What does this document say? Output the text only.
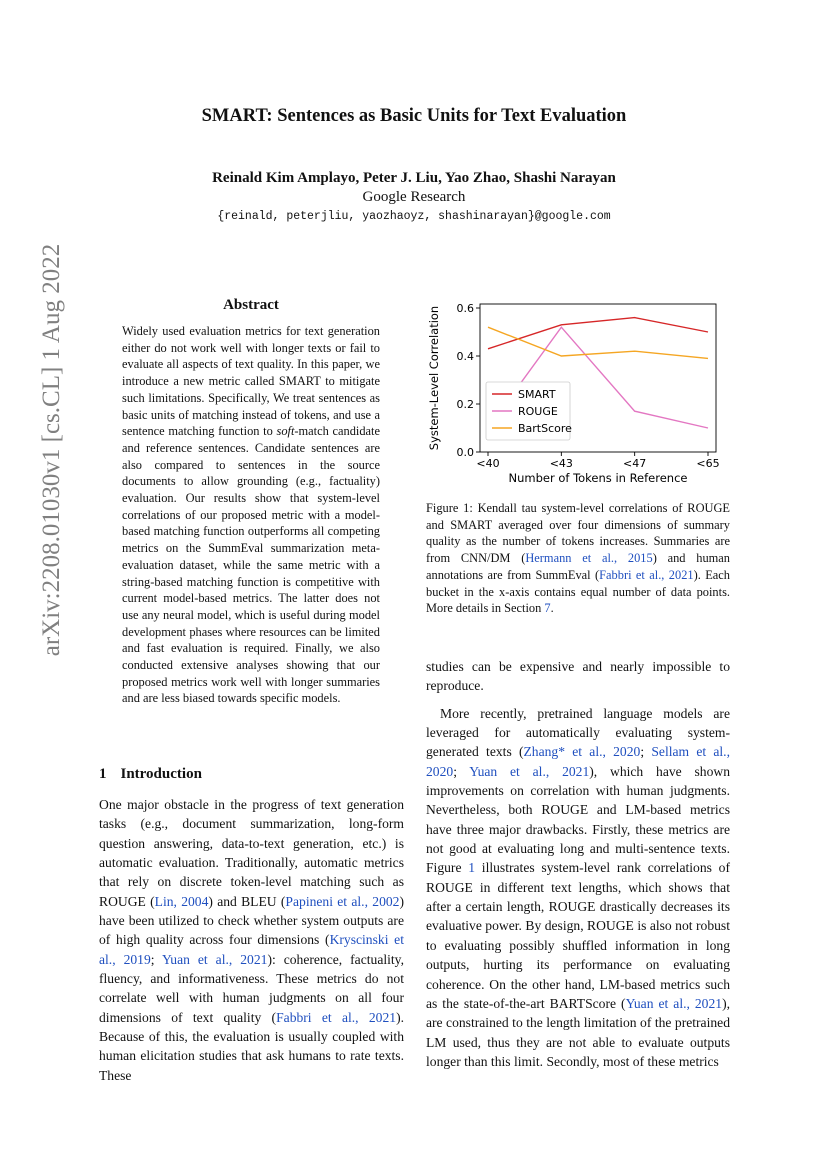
SMART: Sentences as Basic Units for Text Evaluation
Reinald Kim Amplayo, Peter J. Liu, Yao Zhao, Shashi Narayan
Google Research
{reinald, peterjliu, yaozhaoyz, shashinarayan}@google.com
arXiv:2208.01030v1 [cs.CL] 1 Aug 2022	Abstract
Widely used evaluation metrics for text generation either do not work well with longer texts or fail to evaluate all aspects of text quality. In this paper, we introduce a new metric called SMART to mitigate such limitations. Specifically, We treat sentences as basic units of matching instead of tokens, and use a sentence matching function to soft-match candidate and reference sentences. Candidate sentences are also compared to sentences in the source documents to allow grounding (e.g., factuality) evaluation. Our results show that system-level correlations of our proposed metric with a model-based matching function outperforms all competing metrics on the SummEval summarization meta-evaluation dataset, while the same metric with a string-based matching function is competitive with current model-based metrics. The latter does not use any neural model, which is useful during model development phases where resources can be limited and fast evaluation is required. Finally, we also conducted extensive analyses showing that our proposed metrics work well with longer summaries and are less biased towards specific models.
1 Introduction
One major obstacle in the progress of text generation tasks (e.g., document summarization, long-form question answering, data-to-text generation, etc.) is automatic evaluation. Traditionally, automatic metrics that rely on discrete token-level matching such as ROUGE (Lin, 2004) and BLEU (Papineni et al., 2002) have been utilized to check whether system outputs are of high quality across four dimensions (Kryscinski et al., 2019; Yuan et al., 2021): coherence, factuality, fluency, and informativeness. These metrics do not correlate well with human judgments on all four dimensions of text quality (Fabbri et al., 2021). Because of this, the evaluation is usually coupled with human elicitation studies that ask humans to rate texts. These
0.0
0.2
0.4
0.6
<40	<43	<47	<65
Number of Tokens in Reference
System-Level Correlation	SMART
ROUGE
BartScore
Figure 1: Kendall tau system-level correlations of ROUGE and SMART averaged over four dimensions of summary quality as the number of tokens increases. Summaries are from CNN/DM (Hermann et al., 2015) and human annotations are from SummEval (Fabbri et al., 2021). Each bucket in the x-axis contains equal number of data points. More details in Section 7.

studies can be expensive and nearly impossible to reproduce.

More recently, pretrained language models are leveraged for automatically evaluating system-generated texts (Zhang* et al., 2020; Sellam et al., 2020; Yuan et al., 2021), which have shown improvements on correlation with human judgments. Nevertheless, both ROUGE and LM-based metrics have three major drawbacks. Firstly, these metrics are not good at evaluating long and multi-sentence texts. Figure 1 illustrates system-level rank correlations of ROUGE in different text lengths, which shows that after a certain length, ROUGE drastically decreases its evaluative power. By design, ROUGE is also not robust to evaluating possibly shuffled information in long outputs, hurting its performance on evaluating coherence. On the other hand, LM-based metrics such as the state-of-the-art BARTScore (Yuan et al., 2021), are constrained to the length limitation of the pretrained LM used, thus they are not able to evaluate outputs longer than this limit. Secondly, most of these metrics
